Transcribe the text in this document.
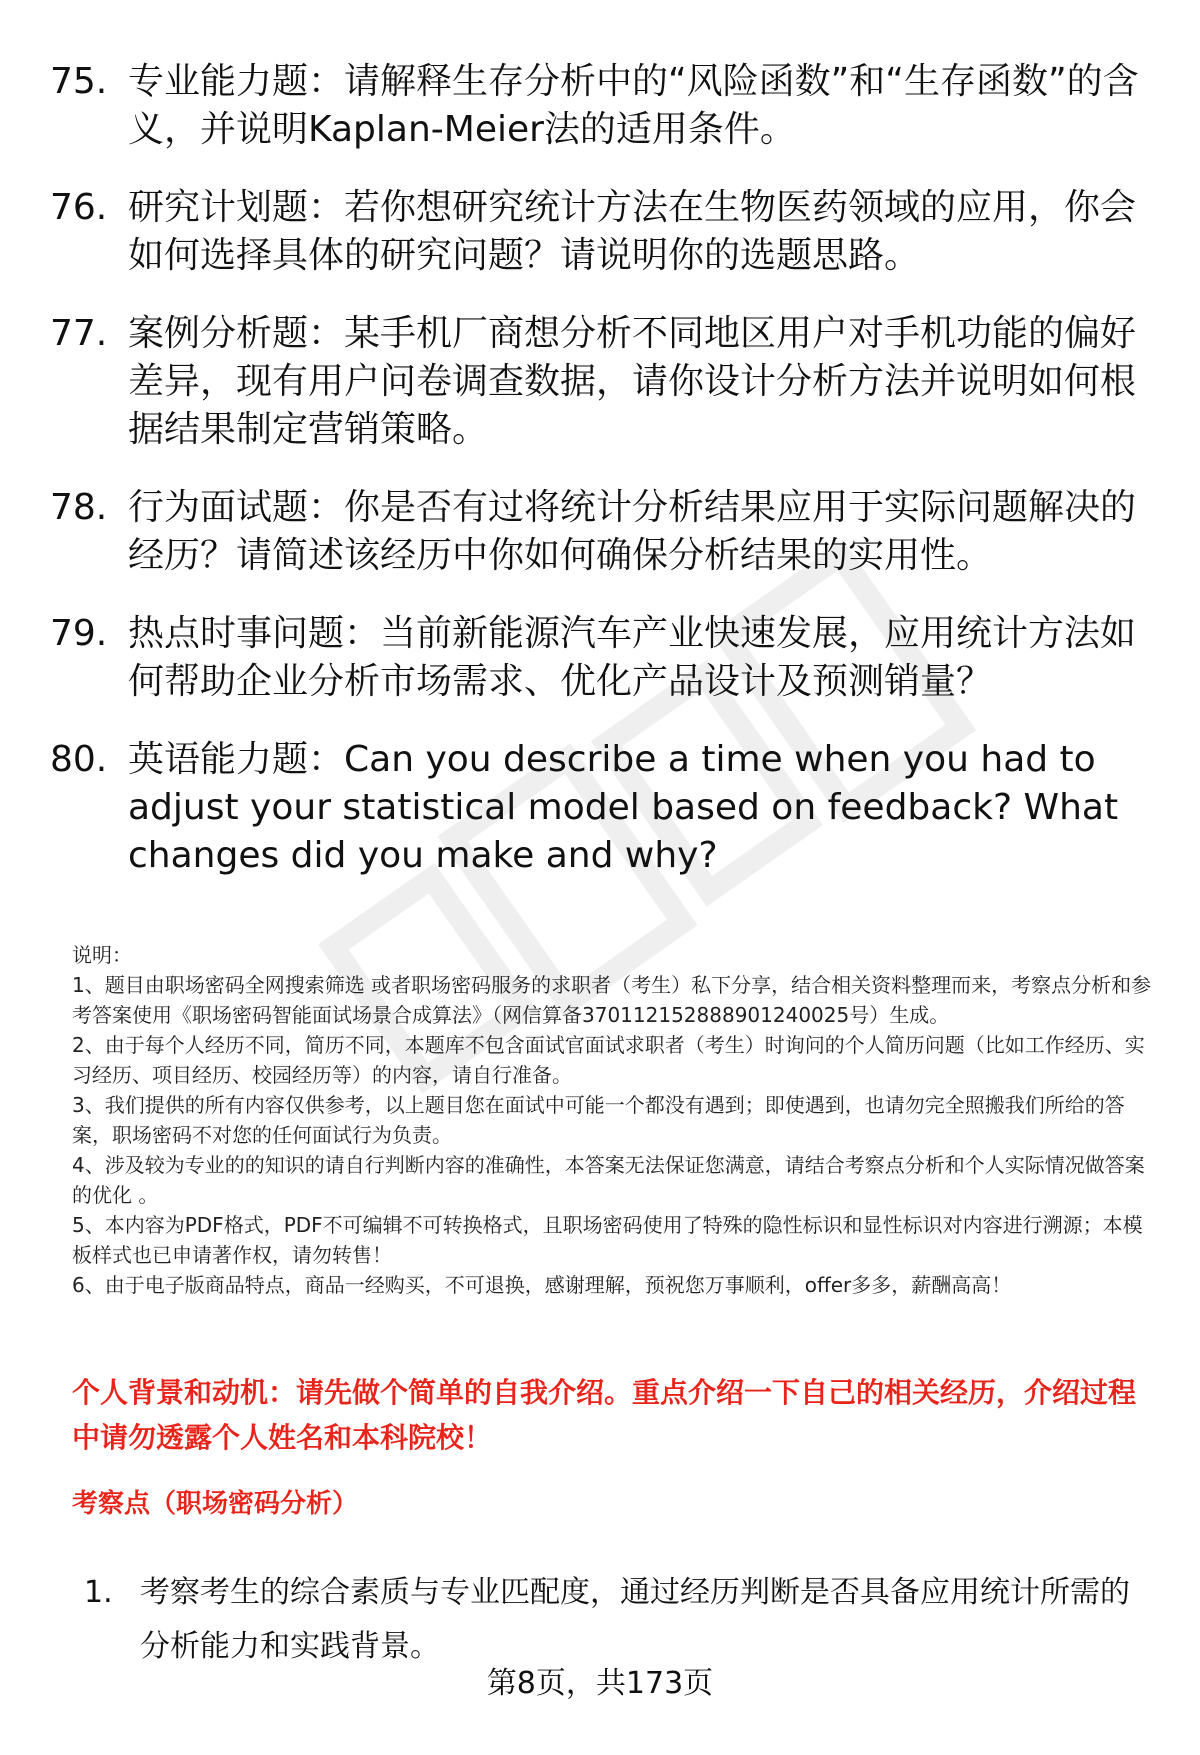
75. 专业能力题：请解释生存分析中的“风险函数”和“生存函数”的含义，并说明Kaplan-Meier法的适用条件。
76. 研究计划题：若你想研究统计方法在生物医药领域的应用，你会如何选择具体的研究问题？请说明你的选题思路。
77. 案例分析题：某手机厂商想分析不同地区用户对手机功能的偏好差异，现有用户问卷调查数据，请你设计分析方法并说明如何根据结果制定营销策略。
78. 行为面试题：你是否有过将统计分析结果应用于实际问题解决的经历？请简述该经历中你如何确保分析结果的实用性。
79. 热点时事问题：当前新能源汽车产业快速发展，应用统计方法如何帮助企业分析市场需求、优化产品设计及预测销量？
80. 英语能力题：Can you describe a time when you had to adjust your statistical model based on feedback? What changes did you make and why?

说明：

1、题目由职场密码全网搜索筛选 或者职场密码服务的求职者（考生）私下分享，结合相关资料整理而来，考察点分析和参考答案使用《职场密码智能面试场景合成算法》（网信算备370112152888901240025号）生成。

2、由于每个人经历不同，简历不同，本题库不包含面试官面试求职者（考生）时询问的个人简历问题（比如工作经历、实习经历、项目经历、校园经历等）的内容，请自行准备。

3、我们提供的所有内容仅供参考，以上题目您在面试中可能一个都没有遇到；即使遇到，也请勿完全照搬我们所给的答案，职场密码不对您的任何面试行为负责。

4、涉及较为专业的的知识的请自行判断内容的准确性，本答案无法保证您满意，请结合考察点分析和个人实际情况做答案的优化 。

5、本内容为PDF格式，PDF不可编辑不可转换格式，且职场密码使用了特殊的隐性标识和显性标识对内容进行溯源；本模板样式也已申请著作权，请勿转售！

6、由于电子版商品特点，商品一经购买，不可退换，感谢理解，预祝您万事顺利，offer多多，薪酬高高！

个人背景和动机：请先做个简单的自我介绍。重点介绍一下自己的相关经历，介绍过程中请勿透露个人姓名和本科院校！

考察点（职场密码分析）

1. 考察考生的综合素质与专业匹配度，通过经历判断是否具备应用统计所需的分析能力和实践背景。
第8页，共173页
